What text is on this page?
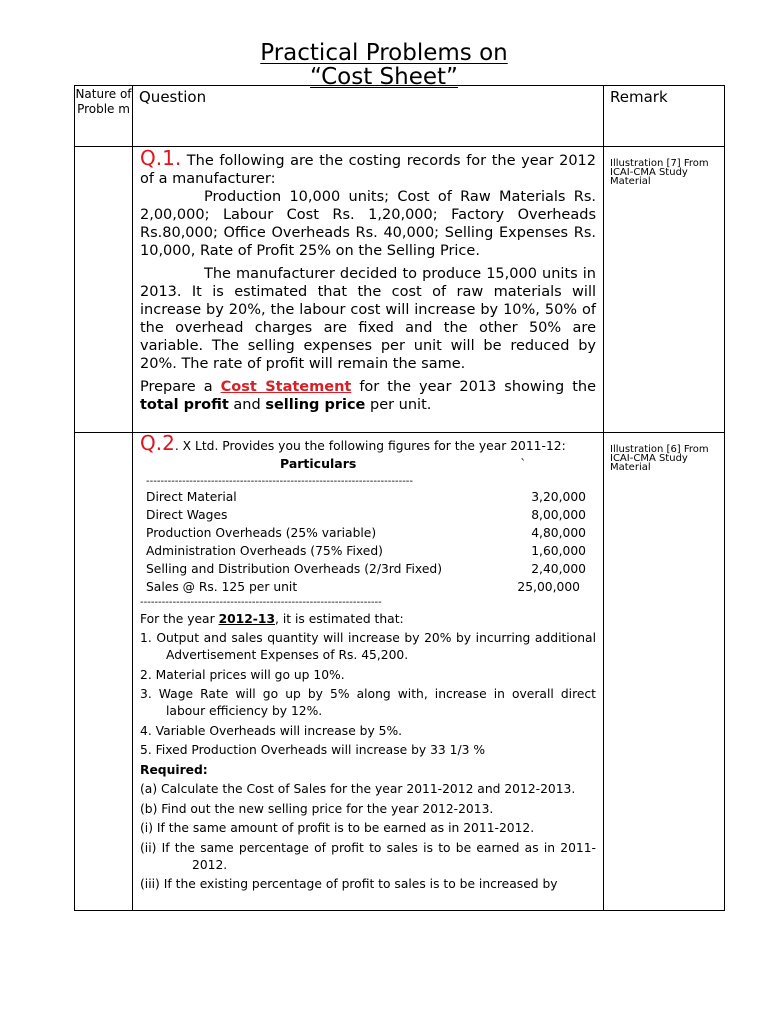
Practical Problems on
“Cost Sheet”
Nature of Proble m	Question	Remark

Q.1. The following are the costing records for the year 2012 of a manufacturer:
Production 10,000 units; Cost of Raw Materials Rs. 2,00,000; Labour Cost Rs. 1,20,000; Factory Overheads Rs.80,000; Office Overheads Rs. 40,000; Selling Expenses Rs. 10,000, Rate of Profit 25% on the Selling Price.

The manufacturer decided to produce 15,000 units in 2013. It is estimated that the cost of raw materials will increase by 20%, the labour cost will increase by 10%, 50% of the overhead charges are fixed and the other 50% are variable. The selling expenses per unit will be reduced by 20%. The rate of profit will remain the same.

Prepare a Cost Statement for the year 2013 showing the total profit and selling price per unit.

	Illustration [7] From ICAI-CMA Study Material

Q.2. X Ltd. Provides you the following figures for the year 2011-12:

Particulars	`

--------------------------------------------------------------------------
Direct Material	3,20,000
Direct Wages	8,00,000
Production Overheads (25% variable)	4,80,000
Administration Overheads (75% Fixed)	1,60,000
Selling and Distribution Overheads (2/3rd Fixed)	2,40,000
Sales @ Rs. 125 per unit	25,00,000
-------------------------------------------------------------------

For the year 2012-13, it is estimated that:

1. Output and sales quantity will increase by 20% by incurring additional Advertisement Expenses of Rs. 45,200.

2. Material prices will go up 10%.

3. Wage Rate will go up by 5% along with, increase in overall direct labour efficiency by 12%.

4. Variable Overheads will increase by 5%.

5. Fixed Production Overheads will increase by 33 1/3 %

Required:

(a) Calculate the Cost of Sales for the year 2011-2012 and 2012-2013.

(b) Find out the new selling price for the year 2012-2013.

(i) If the same amount of profit is to be earned as in 2011-2012.

(ii) If the same percentage of profit to sales is to be earned as in 2011-2012.

(iii) If the existing percentage of profit to sales is to be increased by

	Illustration [6] From ICAI-CMA Study Material
